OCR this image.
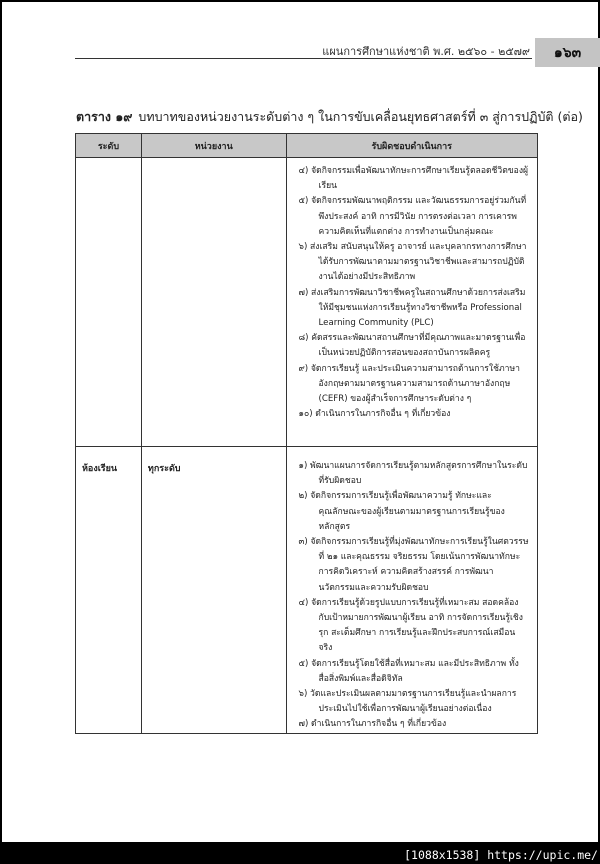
แผนการศึกษาแห่งชาติ พ.ศ. ๒๕๖๐ - ๒๕๗๙	๑๖๓
ตาราง ๑๙ บทบาทของหน่วยงานระดับต่าง ๆ ในการขับเคลื่อนยุทธศาสตร์ที่ ๓ สู่การปฏิบัติ (ต่อ)
ระดับ	หน่วยงาน	รับผิดชอบดำเนินการ

๔) จัดกิจกรรมเพื่อพัฒนาทักษะการศึกษาเรียนรู้ตลอดชีวิตของผู้เรียน
๕) จัดกิจกรรมพัฒนาพฤติกรรม และวัฒนธรรมการอยู่ร่วมกันที่พึงประสงค์ อาทิ การมีวินัย การตรงต่อเวลา การเคารพความคิดเห็นที่แตกต่าง การทำงานเป็นกลุ่มคณะ
๖) ส่งเสริม สนับสนุนให้ครู อาจารย์ และบุคลากรทางการศึกษาได้รับการพัฒนาตามมาตรฐานวิชาชีพและสามารถปฏิบัติงานได้อย่างมีประสิทธิภาพ
๗) ส่งเสริมการพัฒนาวิชาชีพครูในสถานศึกษาด้วยการส่งเสริมให้มีชุมชนแห่งการเรียนรู้ทางวิชาชีพหรือ Professional Learning Community (PLC)
๘) คัดสรรและพัฒนาสถานศึกษาที่มีคุณภาพและมาตรฐานเพื่อเป็นหน่วยปฏิบัติการสอนของสถาบันการผลิตครู
๙) จัดการเรียนรู้ และประเมินความสามารถด้านการใช้ภาษาอังกฤษตามมาตรฐานความสามารถด้านภาษาอังกฤษ (CEFR) ของผู้สำเร็จการศึกษาระดับต่าง ๆ
๑๐) ดำเนินการในภารกิจอื่น ๆ ที่เกี่ยวข้อง

ห้องเรียน	ทุกระดับ	๑) พัฒนาแผนการจัดการเรียนรู้ตามหลักสูตรการศึกษาในระดับที่รับผิดชอบ
๒) จัดกิจกรรมการเรียนรู้เพื่อพัฒนาความรู้ ทักษะและคุณลักษณะของผู้เรียนตามมาตรฐานการเรียนรู้ของหลักสูตร
๓) จัดกิจกรรมการเรียนรู้ที่มุ่งพัฒนาทักษะการเรียนรู้ในศตวรรษที่ ๒๑ และคุณธรรม จริยธรรม โดยเน้นการพัฒนาทักษะ การคิดวิเคราะห์ ความคิดสร้างสรรค์ การพัฒนานวัตกรรมและความรับผิดชอบ
๔) จัดการเรียนรู้ด้วยรูปแบบการเรียนรู้ที่เหมาะสม สอดคล้องกับเป้าหมายการพัฒนาผู้เรียน อาทิ การจัดการเรียนรู้เชิงรุก สะเต็มศึกษา การเรียนรู้และฝึกประสบการณ์เสมือนจริง
๕) จัดการเรียนรู้โดยใช้สื่อที่เหมาะสม และมีประสิทธิภาพ ทั้งสื่อสิ่งพิมพ์และสื่อดิจิทัล
๖) วัดและประเมินผลตามมาตรฐานการเรียนรู้และนำผลการประเมินไปใช้เพื่อการพัฒนาผู้เรียนอย่างต่อเนื่อง
๗) ดำเนินการในภารกิจอื่น ๆ ที่เกี่ยวข้อง
[1088x1538] https://upic.me/
